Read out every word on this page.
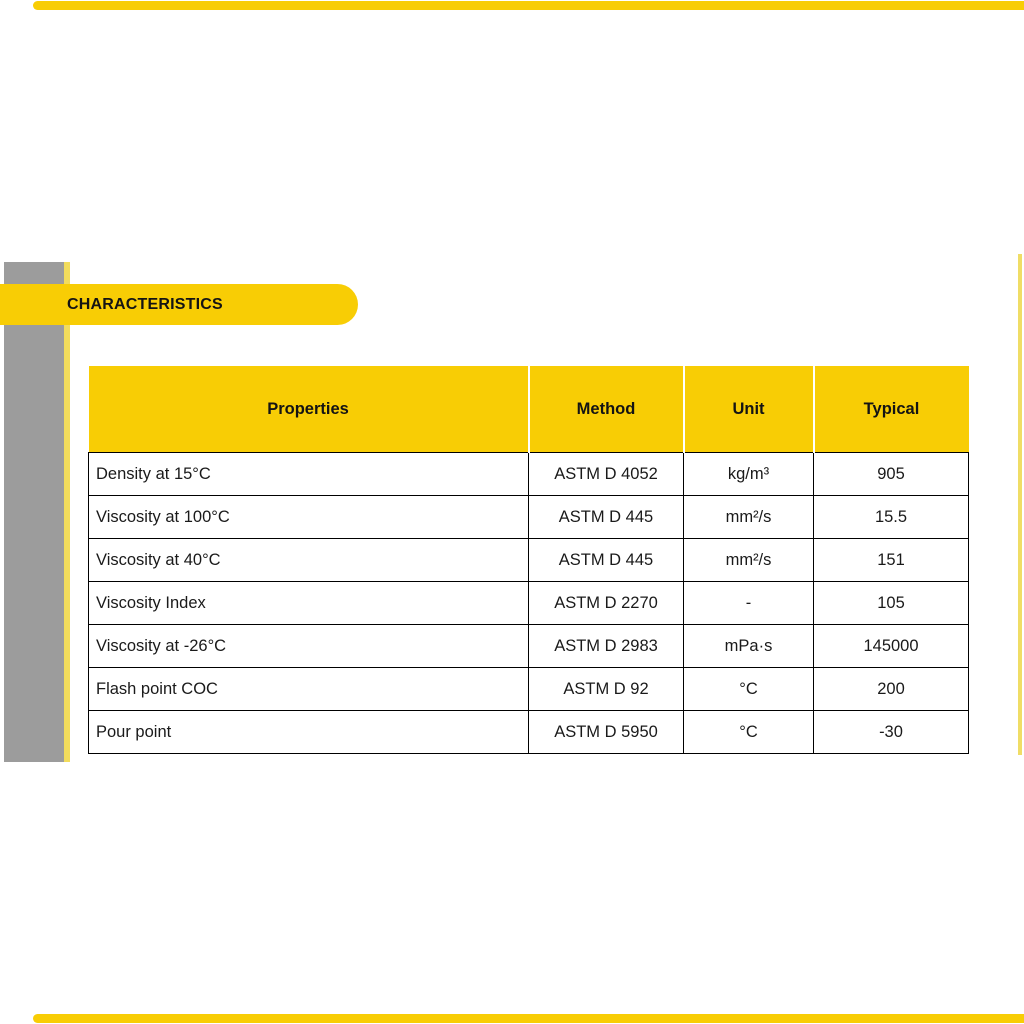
CHARACTERISTICS
Properties	Method	Unit	Typical
Density at 15°C	ASTM D 4052	kg/m³	905
Viscosity at 100°C	ASTM D 445	mm²/s	15.5
Viscosity at 40°C	ASTM D 445	mm²/s	151
Viscosity Index	ASTM D 2270	-	105
Viscosity at -26°C	ASTM D 2983	mPa·s	145000
Flash point COC	ASTM D 92	°C	200
Pour point	ASTM D 5950	°C	-30
